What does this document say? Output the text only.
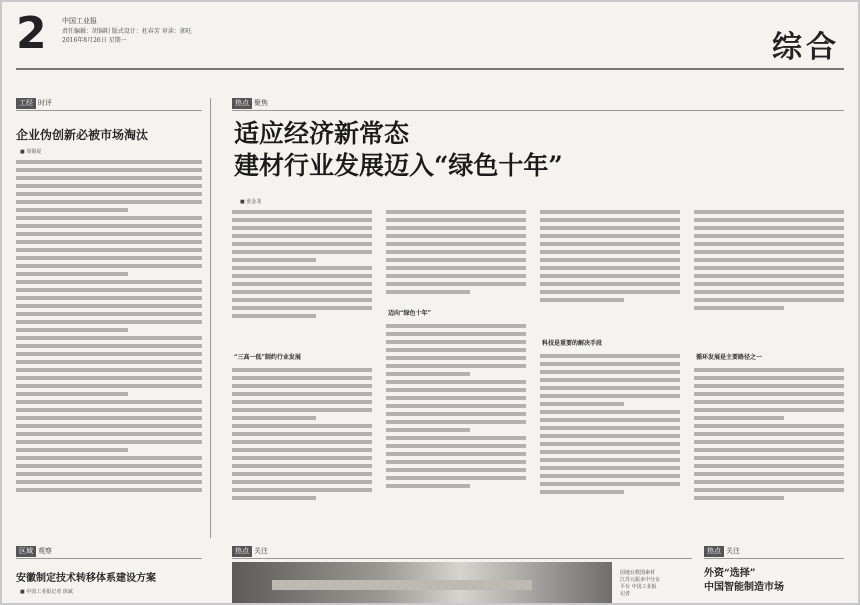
2 中国工业报
责任编辑：胡锦阳 版式设计：杜春芳 审读：郭旺
2016年8月26日 星期一	综合
工经 时评
企业伪创新必被市场淘汰
■ 周锡夏
区域 观察
安徽制定技术转移体系建设方案
■ 中国工业报记者 徐斌
热点 聚焦
适应经济新常态
建材行业发展迈入“绿色十年”
■ 张金龙
“三高一低”制约行业发展
迈向“绿色十年”
科技是重要的解决手段
循环发展是主要路径之一
热点 关注
园地台数图素材 江苏元振多中分女平台 中国工业报记者
热点 关注
外资“选择”
中国智能制造市场
